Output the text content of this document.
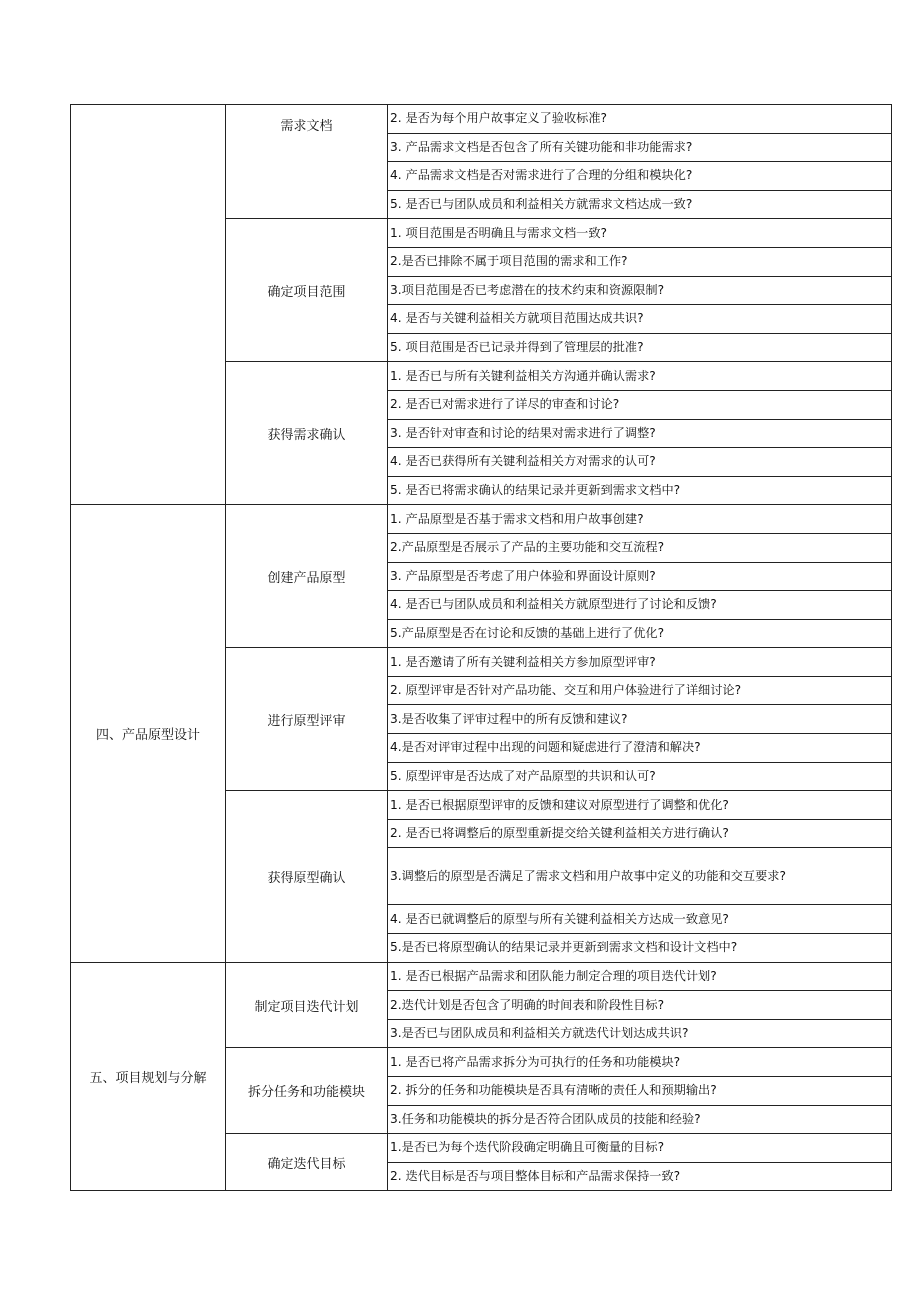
	需求文档	2. 是否为每个用户故事定义了验收标准?
		3. 产品需求文档是否包含了所有关键功能和非功能需求?
		4. 产品需求文档是否对需求进行了合理的分组和模块化?
		5. 是否已与团队成员和利益相关方就需求文档达成一致?
	确定项目范围	1. 项目范围是否明确且与需求文档一致?
		2.是否已排除不属于项目范围的需求和工作?
		3.项目范围是否已考虑潜在的技术约束和资源限制?
		4. 是否与关键利益相关方就项目范围达成共识?
		5. 项目范围是否已记录并得到了管理层的批准?
	获得需求确认	1. 是否已与所有关键利益相关方沟通并确认需求?
		2. 是否已对需求进行了详尽的审查和讨论?
		3. 是否针对审查和讨论的结果对需求进行了调整?
		4. 是否已获得所有关键利益相关方对需求的认可?
		5. 是否已将需求确认的结果记录并更新到需求文档中?
四、产品原型设计	创建产品原型	1. 产品原型是否基于需求文档和用户故事创建?
		2.产品原型是否展示了产品的主要功能和交互流程?
		3. 产品原型是否考虑了用户体验和界面设计原则?
		4. 是否已与团队成员和利益相关方就原型进行了讨论和反馈?
		5.产品原型是否在讨论和反馈的基础上进行了优化?
	进行原型评审	1. 是否邀请了所有关键利益相关方参加原型评审?
		2. 原型评审是否针对产品功能、交互和用户体验进行了详细讨论?
		3.是否收集了评审过程中的所有反馈和建议?
		4.是否对评审过程中出现的问题和疑虑进行了澄清和解决?
		5. 原型评审是否达成了对产品原型的共识和认可?
	获得原型确认	1. 是否已根据原型评审的反馈和建议对原型进行了调整和优化?
		2. 是否已将调整后的原型重新提交给关键利益相关方进行确认?
		3.调整后的原型是否满足了需求文档和用户故事中定义的功能和交互要求?
		4. 是否已就调整后的原型与所有关键利益相关方达成一致意见?
		5.是否已将原型确认的结果记录并更新到需求文档和设计文档中?
五、项目规划与分解	制定项目迭代计划	1. 是否已根据产品需求和团队能力制定合理的项目迭代计划?
		2.迭代计划是否包含了明确的时间表和阶段性目标?
		3.是否已与团队成员和利益相关方就迭代计划达成共识?
	拆分任务和功能模块	1. 是否已将产品需求拆分为可执行的任务和功能模块?
		2. 拆分的任务和功能模块是否具有清晰的责任人和预期输出?
		3.任务和功能模块的拆分是否符合团队成员的技能和经验?
	确定迭代目标	1.是否已为每个迭代阶段确定明确且可衡量的目标?
		2. 迭代目标是否与项目整体目标和产品需求保持一致?
